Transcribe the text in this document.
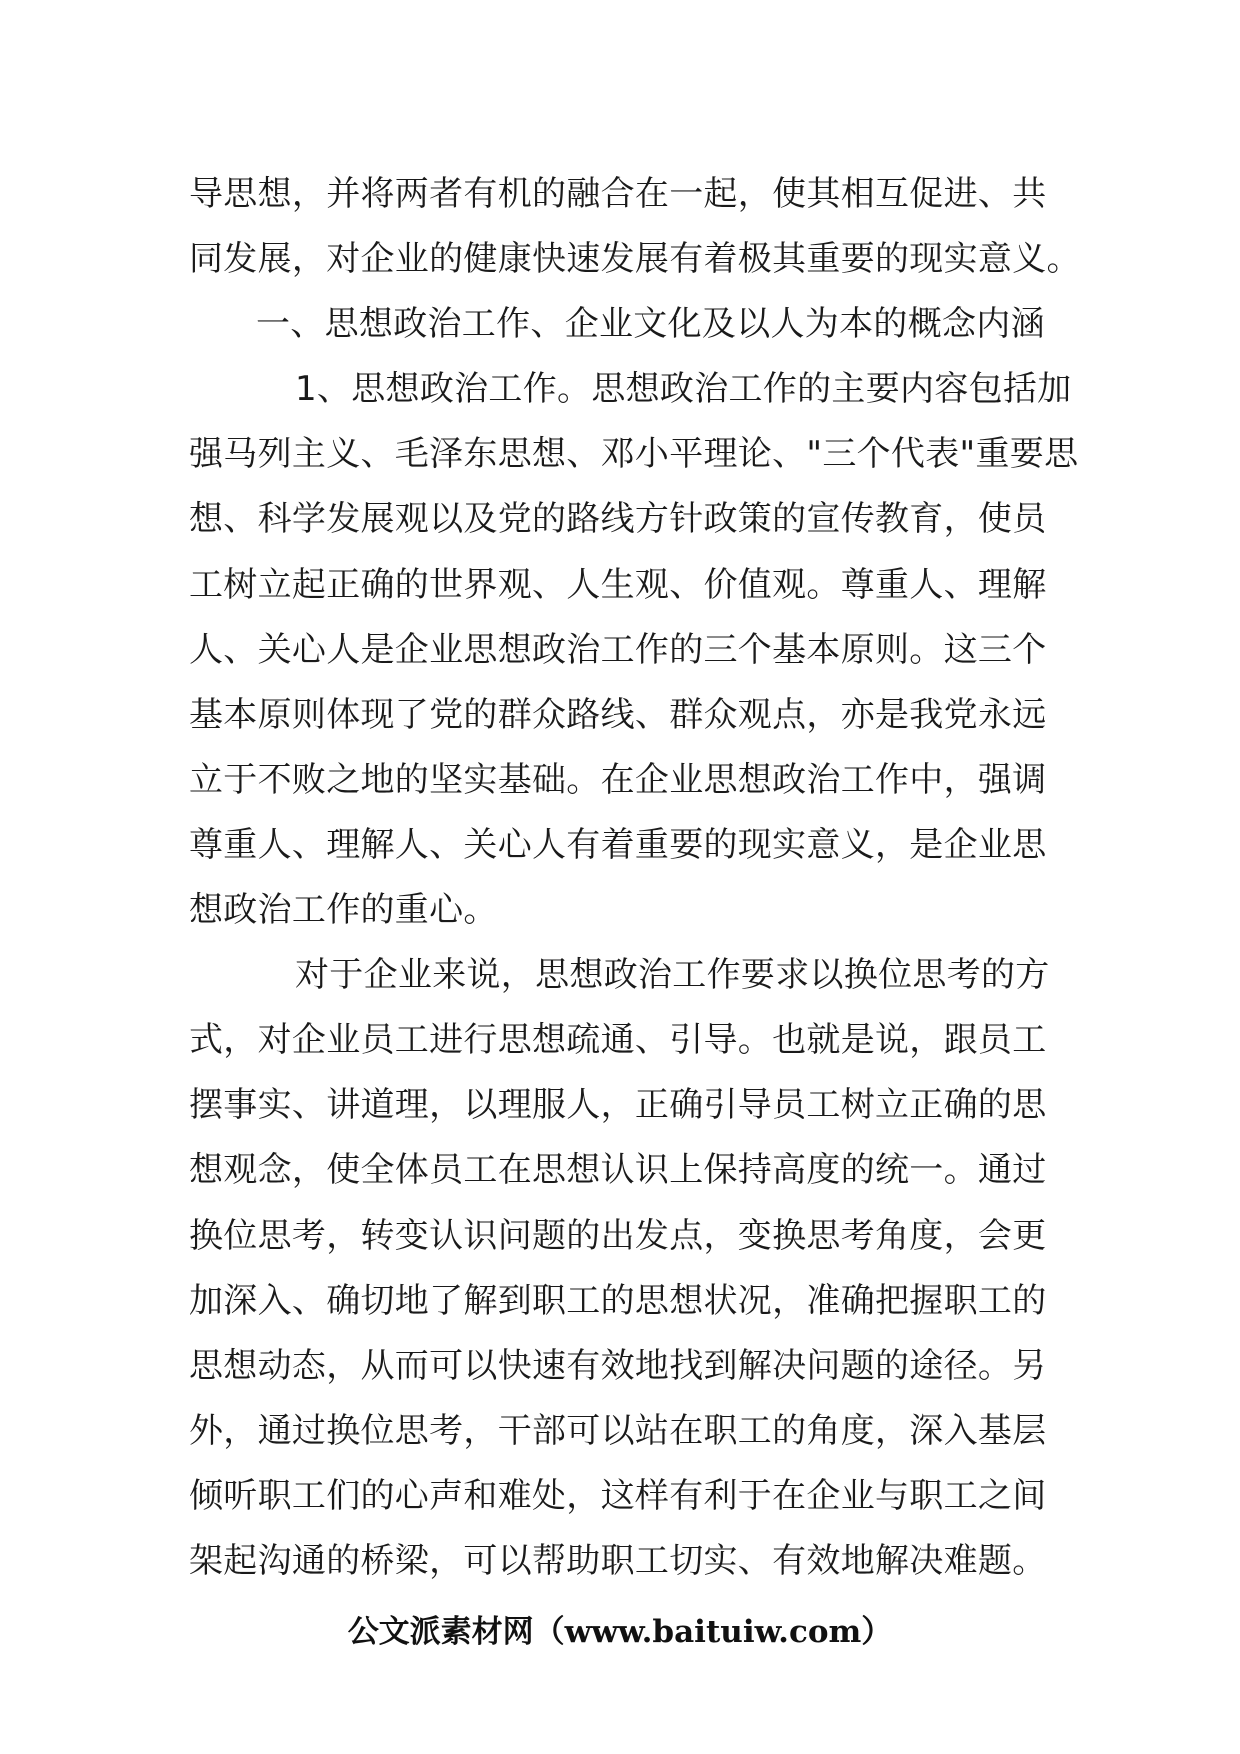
导思想，并将两者有机的融合在一起，使其相互促进、共
同发展，对企业的健康快速发展有着极其重要的现实意义。
一、思想政治工作、企业文化及以人为本的概念内涵
1、思想政治工作。思想政治工作的主要内容包括加
强马列主义、毛泽东思想、邓小平理论、"三个代表"重要思
想、科学发展观以及党的路线方针政策的宣传教育，使员
工树立起正确的世界观、人生观、价值观。尊重人、理解
人、关心人是企业思想政治工作的三个基本原则。这三个
基本原则体现了党的群众路线、群众观点，亦是我党永远
立于不败之地的坚实基础。在企业思想政治工作中，强调
尊重人、理解人、关心人有着重要的现实意义，是企业思
想政治工作的重心。
对于企业来说，思想政治工作要求以换位思考的方
式，对企业员工进行思想疏通、引导。也就是说，跟员工
摆事实、讲道理，以理服人，正确引导员工树立正确的思
想观念，使全体员工在思想认识上保持高度的统一。通过
换位思考，转变认识问题的出发点，变换思考角度，会更
加深入、确切地了解到职工的思想状况，准确把握职工的
思想动态，从而可以快速有效地找到解决问题的途径。另
外，通过换位思考，干部可以站在职工的角度，深入基层
倾听职工们的心声和难处，这样有利于在企业与职工之间
架起沟通的桥梁，可以帮助职工切实、有效地解决难题。
公文派素材网（www.baituiw.com）
